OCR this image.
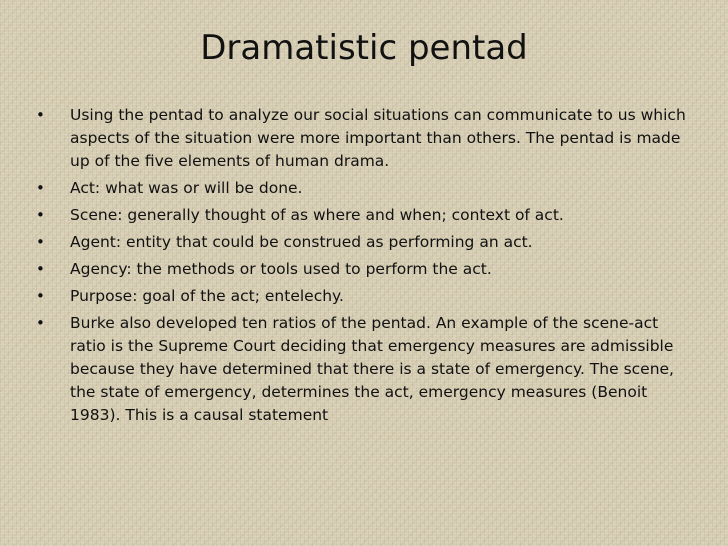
Dramatistic pentad
•	Using the pentad to analyze our social situations can communicate to us which aspects of the situation were more important than others. The pentad is made up of the five elements of human drama.
•	Act: what was or will be done.
•	Scene: generally thought of as where and when; context of act.
•	Agent: entity that could be construed as performing an act.
•	Agency: the methods or tools used to perform the act.
•	Purpose: goal of the act; entelechy.
•	Burke also developed ten ratios of the pentad. An example of the scene-act ratio is the Supreme Court deciding that emergency measures are admissible because they have determined that there is a state of emergency. The scene, the state of emergency, determines the act, emergency measures (Benoit 1983). This is a causal statement
